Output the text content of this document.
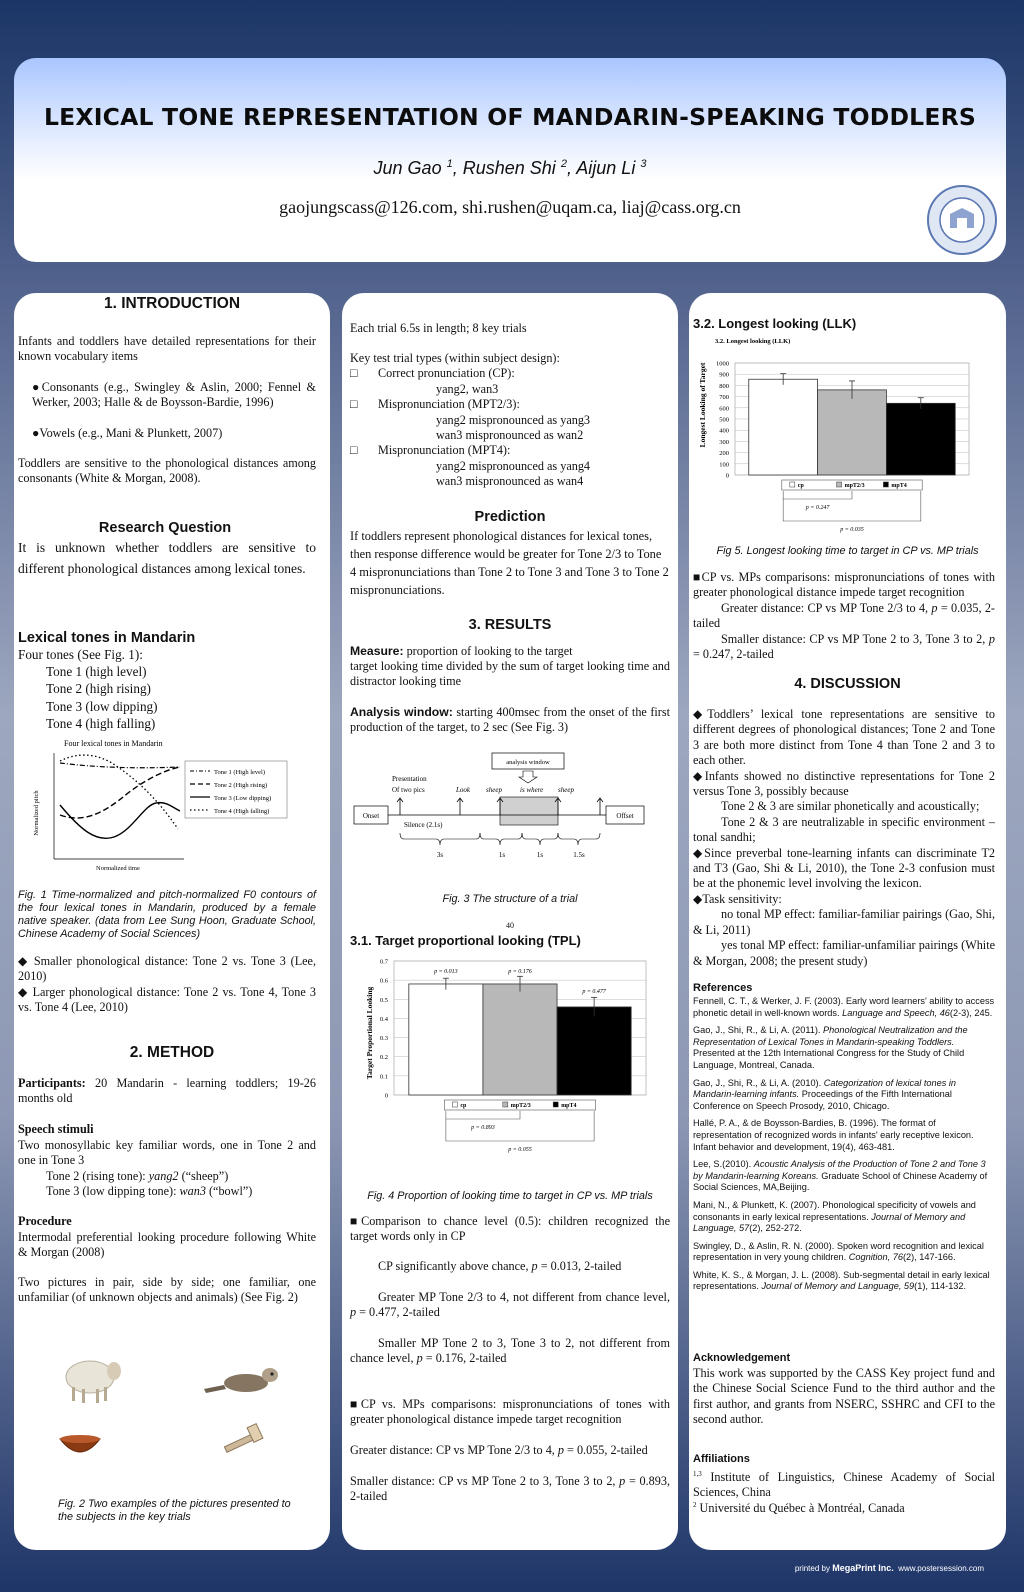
LEXICAL TONE REPRESENTATION OF MANDARIN-SPEAKING TODDLERS
Jun Gao $^1$, Rushen Shi $^2$, Aijun Li $^3$
gaojungscass@126.com, shi.rushen@uqam.ca, liaj@cass.org.cn
1. INTRODUCTION
Infants and toddlers have detailed representations for their known vocabulary items
●Consonants (e.g., Swingley & Aslin, 2000; Fennel & Werker, 2003; Halle & de Boysson-Bardie, 1996)
●Vowels (e.g., Mani & Plunkett, 2007)
Toddlers are sensitive to the phonological distances among consonants (White & Morgan, 2008).
Research Question
It is unknown whether toddlers are sensitive to different phonological distances among lexical tones.
Lexical tones in Mandarin
Four tones (See Fig. 1):
Tone 1 (high level)
Tone 2 (high rising)
Tone 3 (low dipping)
Tone 4 (high falling)
Four lexical tones in Mandarin
Normalized pitch
Normalized time
Tone 1 (High level)
Tone 2 (High rising)
Tone 3 (Low dipping)
Tone 4 (High falling)
Fig. 1 Time-normalized and pitch-normalized F0 contours of the four lexical tones in Mandarin, produced by a female native speaker. (data from Lee Sung Hoon, Graduate School, Chinese Academy of Social Sciences)
◆ Smaller phonological distance: Tone 2 vs. Tone 3 (Lee, 2010)
◆ Larger phonological distance: Tone 2 vs. Tone 4, Tone 3 vs. Tone 4 (Lee, 2010)
2. METHOD
Participants: 20 Mandarin - learning toddlers; 19-26 months old
Speech stimuli
Two monosyllabic key familiar words, one in Tone 2 and one in Tone 3
Tone 2 (rising tone): yang2 (“sheep”)
Tone 3 (low dipping tone): wan3 (“bowl”)
Procedure
Intermodal preferential looking procedure following White & Morgan (2008)
Two pictures in pair, side by side; one familiar, one unfamiliar (of unknown objects and animals) (See Fig. 2)
Fig. 2 Two examples of the pictures presented to the subjects in the key trials
Each trial 6.5s in length; 8 key trials
Key test trial types (within subject design):
□ Correct pronunciation (CP):
yang2, wan3
□ Mispronunciation (MPT2/3):
yang2 mispronounced as yang3
wan3 mispronounced as wan2
□ Mispronunciation (MPT4):
yang2 mispronounced as yang4
wan3 mispronounced as wan4
Prediction
If toddlers represent phonological distances for lexical tones, then response difference would be greater for Tone 2/3 to Tone 4 mispronunciations than Tone 2 to Tone 3 and Tone 3 to Tone 2 mispronunciations.
3. RESULTS
Measure: proportion of looking to the target
target looking time divided by the sum of target looking time and distractor looking time
Analysis window: starting 400msec from the onset of the first production of the target, to 2 sec (See Fig. 3)
analysis window
Presentation
Of two pics	Look sheep	is where sheep
Onset	Offset
Silence (2.1s)
3s	1s	1s	1.5s
Fig. 3 The structure of a trial
40
3.1. Target proportional looking (TPL)
Target Proportional Looking
0
0.1
0.2
0.3
0.4
0.5
0.6
0.7
cp	mpT2/3	mpT4
p = 0.013	p = 0.176
p = 0.477
p = 0.893
p = 0.055
Fig. 4 Proportion of looking time to target in CP vs. MP trials
■Comparison to chance level (0.5): children recognized the target words only in CP
CP significantly above chance, p = 0.013, 2-tailed
Greater MP Tone 2/3 to 4, not different from chance level, p = 0.477, 2-tailed
Smaller MP Tone 2 to 3, Tone 3 to 2, not different from chance level, p = 0.176, 2-tailed
■CP vs. MPs comparisons: mispronunciations of tones with greater phonological distance impede target recognition
Greater distance: CP vs MP Tone 2/3 to 4, p = 0.055, 2-tailed
Smaller distance: CP vs MP Tone 2 to 3, Tone 3 to 2, p = 0.893, 2-tailed
3.2. Longest looking (LLK)
3.2. Longest looking (LLK)
Longest Looking of Target
0
100
200
300
400
500
600
700
800
900
1000
cp	mpT2/3	mpT4
p = 0.247
p = 0.035
Fig 5. Longest looking time to target in CP vs. MP trials
■CP vs. MPs comparisons: mispronunciations of tones with greater phonological distance impede target recognition
Greater distance: CP vs MP Tone 2/3 to 4, p = 0.035, 2-tailed
Smaller distance: CP vs MP Tone 2 to 3, Tone 3 to 2, p = 0.247, 2-tailed
4. DISCUSSION
◆Toddlers’ lexical tone representations are sensitive to different degrees of phonological distances; Tone 2 and Tone 3 are both more distinct from Tone 4 than Tone 2 and 3 to each other.
◆Infants showed no distinctive representations for Tone 2 versus Tone 3, possibly because
Tone 2 & 3 are similar phonetically and acoustically;
Tone 2 & 3 are neutralizable in specific environment – tonal sandhi;
◆Since preverbal tone-learning infants can discriminate T2 and T3 (Gao, Shi & Li, 2010), the Tone 2-3 confusion must be at the phonemic level involving the lexicon.
◆Task sensitivity:
no tonal MP effect: familiar-familiar pairings (Gao, Shi, & Li, 2011)
yes tonal MP effect: familiar-unfamiliar pairings (White & Morgan, 2008; the present study)
References
Fennell, C. T., & Werker, J. F. (2003). Early word learners' ability to access phonetic detail in well-known words. Language and Speech, 46(2-3), 245.
Gao, J., Shi, R., & Li, A. (2011). Phonological Neutralization and the Representation of Lexical Tones in Mandarin-speaking Toddlers. Presented at the 12th International Congress for the Study of Child Language, Montreal, Canada.
Gao, J., Shi, R., & Li, A. (2010). Categorization of lexical tones in Mandarin-learning infants. Proceedings of the Fifth International Conference on Speech Prosody, 2010, Chicago.
Hallé, P. A., & de Boysson-Bardies, B. (1996). The format of representation of recognized words in infants' early receptive lexicon. Infant behavior and development, 19(4), 463-481.
Lee, S.(2010). Acoustic Analysis of the Production of Tone 2 and Tone 3 by Mandarin-learning Koreans. Graduate School of Chinese Academy of Social Sciences, MA,Beijing.
Mani, N., & Plunkett, K. (2007). Phonological specificity of vowels and consonants in early lexical representations. Journal of Memory and Language, 57(2), 252-272.
Swingley, D., & Aslin, R. N. (2000). Spoken word recognition and lexical representation in very young children. Cognition, 76(2), 147-166.
White, K. S., & Morgan, J. L. (2008). Sub-segmental detail in early lexical representations. Journal of Memory and Language, 59(1), 114-132.
Acknowledgement
This work was supported by the CASS Key project fund and the Chinese Social Science Fund to the third author and the first author, and grants from NSERC, SSHRC and CFI to the second author.
Affiliations
$^{1,3}$ Institute of Linguistics, Chinese Academy of Social Sciences, China
$^2$ Université du Québec à Montréal, Canada
printed by MegaPrint Inc. www.postersession.com
